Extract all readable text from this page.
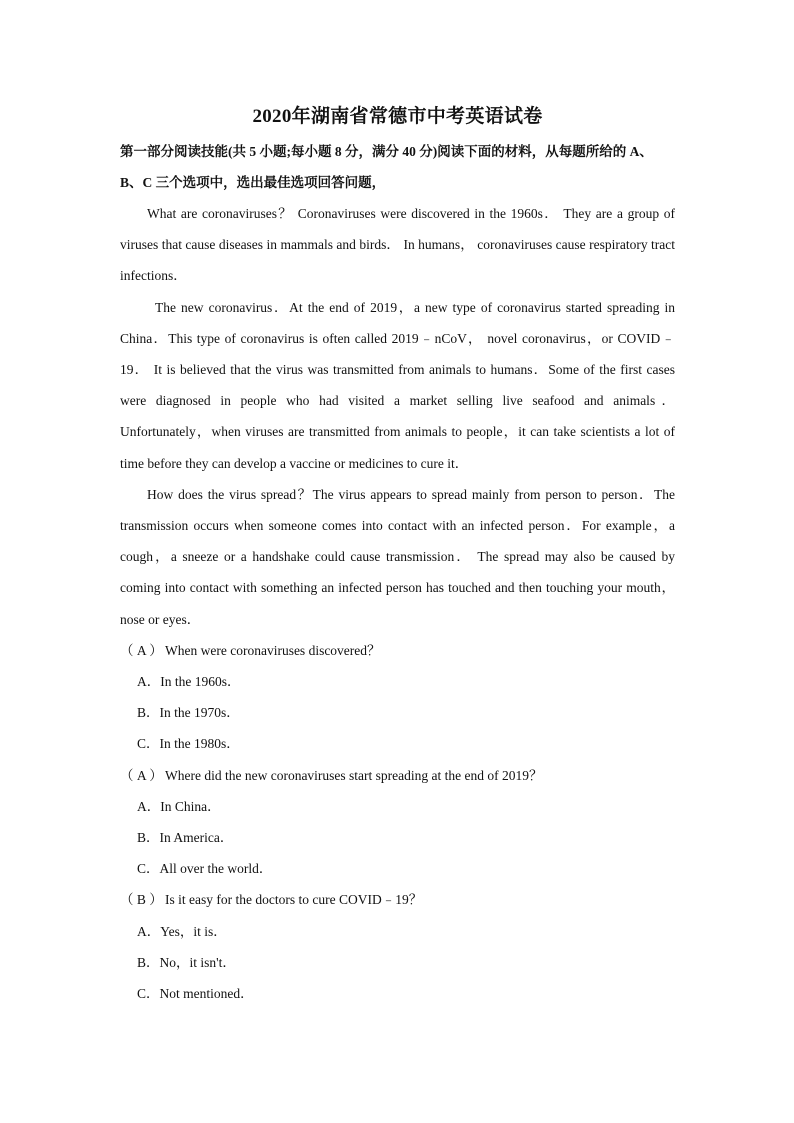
2020年湖南省常德市中考英语试卷

第一部分阅读技能(共 5 小题;每小题 8 分，满分 40 分)阅读下面的材料，从每题所给的 A、

B、C 三个选项中，选出最佳选项回答问题，

What are coronaviruses？ Coronaviruses were discovered in the 1960s． They are a group of viruses that cause diseases in mammals and birds． In humans， coronaviruses cause respiratory tract infections．

The new coronavirus．At the end of 2019，a new type of coronavirus started spreading in China．This type of coronavirus is often called 2019﹣nCoV， novel coronavirus，or COVID﹣19． It is believed that the virus was transmitted from animals to humans．Some of the first cases were diagnosed in people who had visited a market selling live seafood and animals． Unfortunately，when viruses are transmitted from animals to people，it can take scientists a lot of time before they can develop a vaccine or medicines to cure it．

How does the virus spread？The virus appears to spread mainly from person to person．The transmission occurs when someone comes into contact with an infected person．For example，a cough，a sneeze or a handshake could cause transmission． The spread may also be caused by coming into contact with something an infected person has touched and then touching your mouth，nose or eyes．

（ A ） When were coronaviruses discovered？

A．In the 1960s．

B．In the 1970s．

C．In the 1980s．

（ A ） Where did the new coronaviruses start spreading at the end of 2019？

A．In China．

B．In America．

C．All over the world．

（ B ） Is it easy for the doctors to cure COVID﹣19？

A．Yes，it is．

B．No，it isn't．

C．Not mentioned．
